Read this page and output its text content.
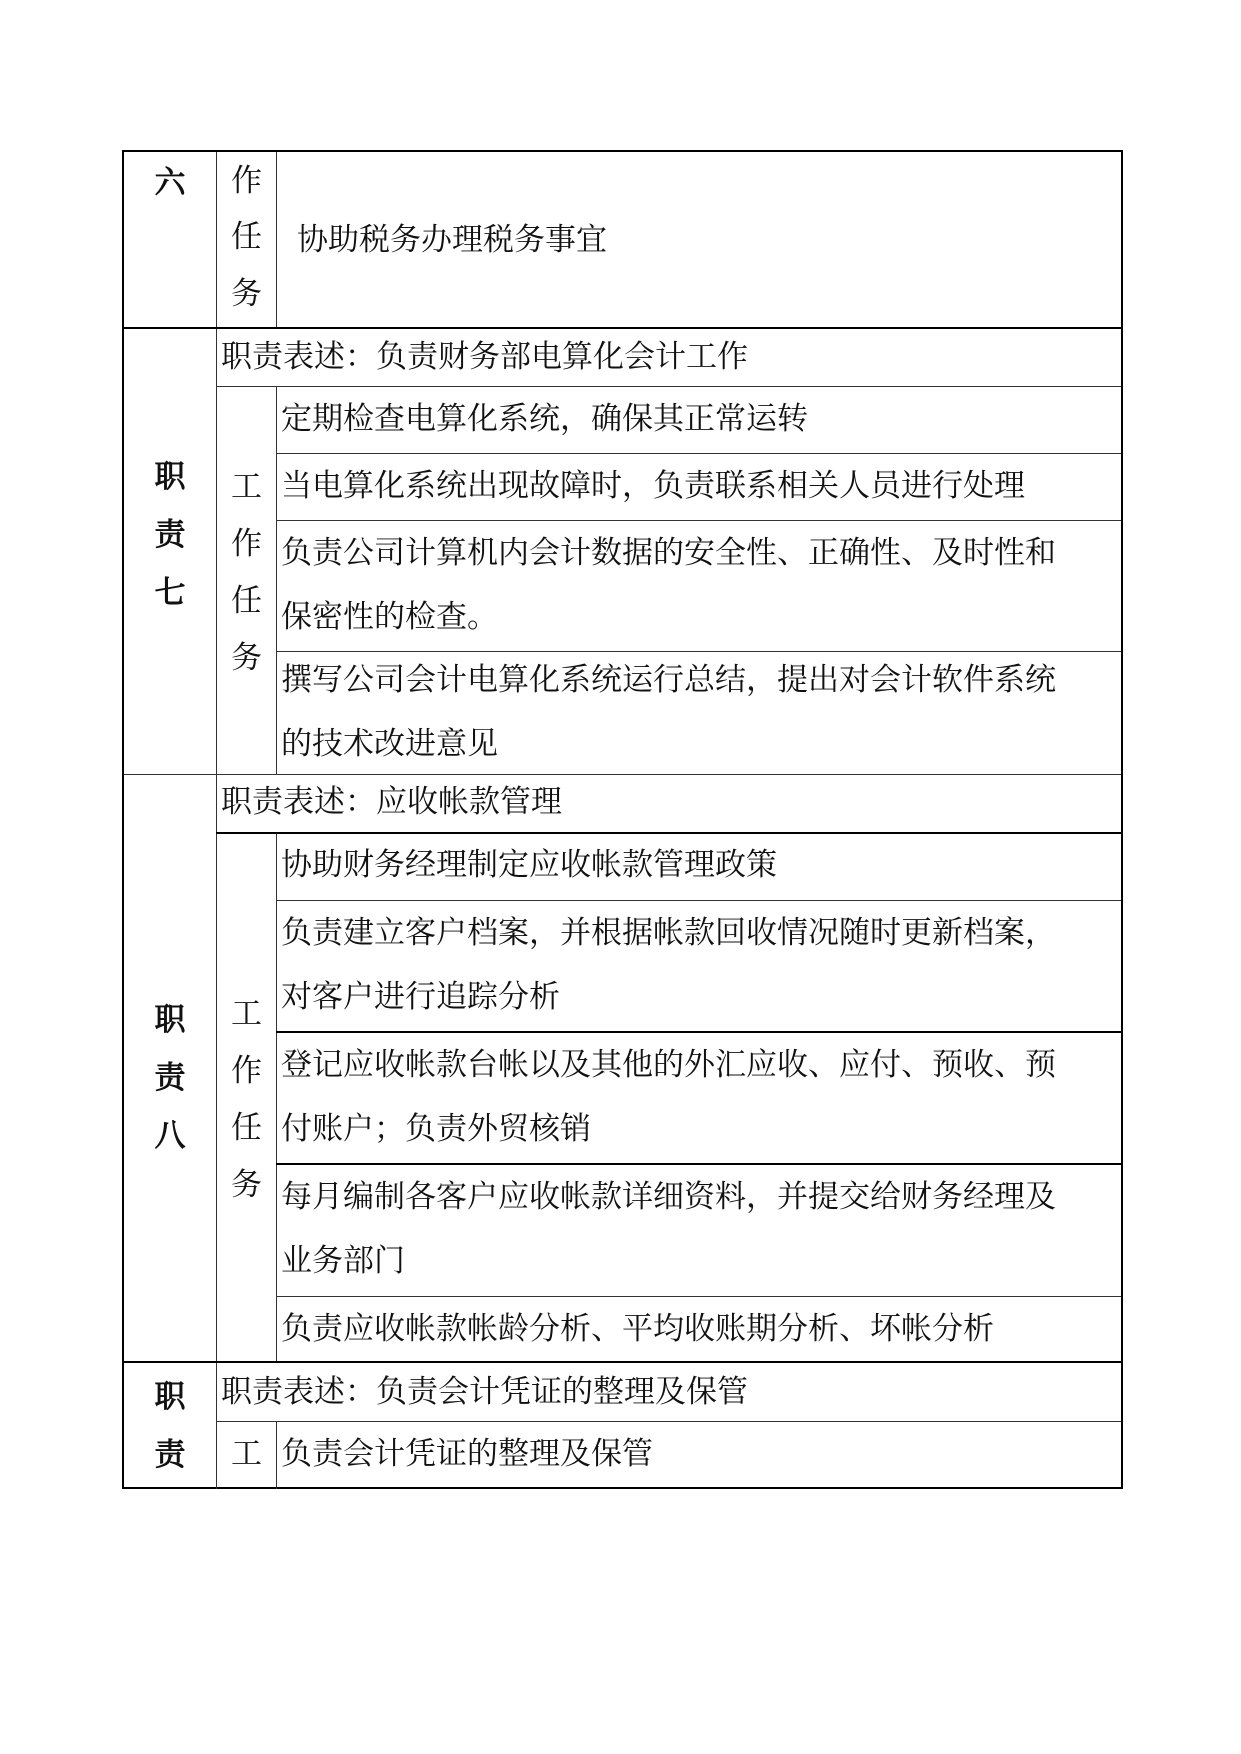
六	作
任
务
协助税务办理税务事宜
职
责
七
职责表述：负责财务部电算化会计工作
工
作
任
务
定期检查电算化系统，确保其正常运转
当电算化系统出现故障时，负责联系相关人员进行处理
负责公司计算机内会计数据的安全性、正确性、及时性和
保密性的检查。
撰写公司会计电算化系统运行总结，提出对会计软件系统
的技术改进意见
职
责
八
职责表述：应收帐款管理
工
作
任
务
协助财务经理制定应收帐款管理政策
负责建立客户档案，并根据帐款回收情况随时更新档案，
对客户进行追踪分析
登记应收帐款台帐以及其他的外汇应收、应付、预收、预
付账户；负责外贸核销
每月编制各客户应收帐款详细资料，并提交给财务经理及
业务部门
负责应收帐款帐龄分析、平均收账期分析、坏帐分析
职
责
职责表述：负责会计凭证的整理及保管
工 负责会计凭证的整理及保管
